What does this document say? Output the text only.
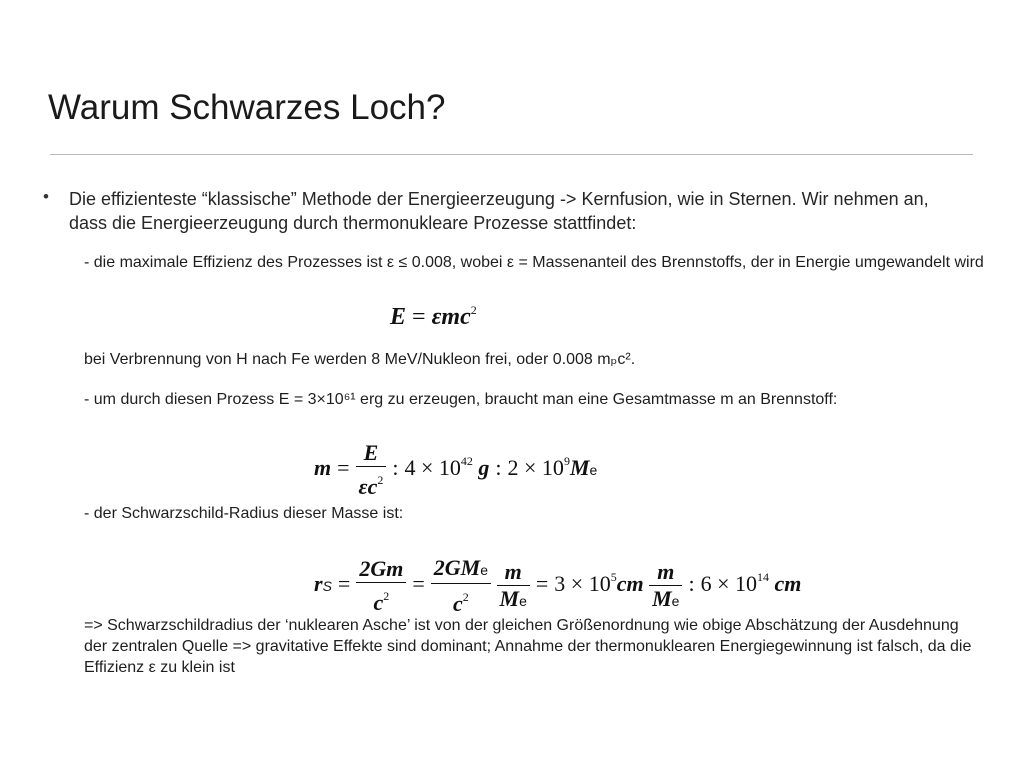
Warum Schwarzes Loch?
• Die effizienteste “klassische” Methode der Energieerzeugung -> Kernfusion, wie in Sternen. Wir nehmen an, dass die Energieerzeugung durch thermonukleare Prozesse stattfindet:
- die maximale Effizienz des Prozesses ist ε ≤ 0.008, wobei ε = Massenanteil des Brennstoffs, der in Energie umgewandelt wird
E = εmc$^2$
bei Verbrennung von H nach Fe werden 8 MeV/Nukleon frei, oder 0.008 mₚc².
- um durch diesen Prozess E = 3×10⁶¹ erg zu erzeugen, braucht man eine Gesamtmasse m an Brennstoff:
$m = \frac{E}{\varepsilon c^2}$ : $4 \times 10^{42}$ g : $2 \times 10^9Me$
- der Schwarzschild-Radius dieser Masse ist:
rS = $\frac{2Gm}{c^2} = \frac{\text{2GMe}}{c^2}$
$\frac{m}{Me} = 3 \times 10^5cm \frac{m}{Me}$ : $6 \times 10^{14}$ cm
=> Schwarzschildradius der ‘nuklearen Asche’ ist von der gleichen Größenordnung wie obige Abschätzung der Ausdehnung der zentralen Quelle => gravitative Effekte sind dominant; Annahme der thermonuklearen Energiegewinnung ist falsch, da die Effizienz ε zu klein ist
